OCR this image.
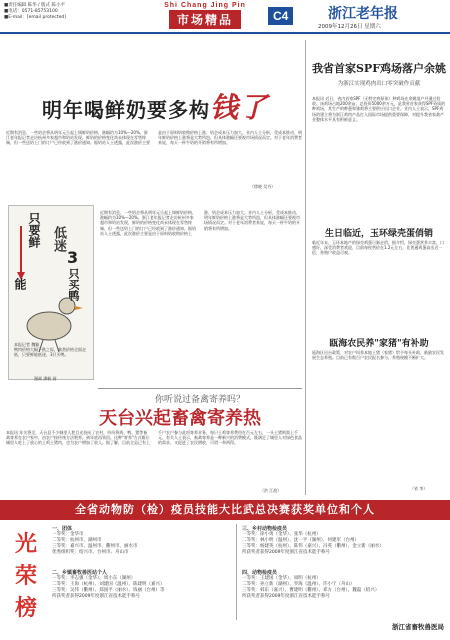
■责任编辑 陈华 / 版式 陈小平
■电话：0571-85753100
■E-mail：[email protected]
Shi Chang Jing Pin
市场精品	C4	浙江老年报
2009年12月26日 星期六
明年喝鲜奶要多构钱了
近期有消息，一些奶企将从明年元旦起上调鲜奶价格，涨幅约为10%—20%。浙江老年报记者走访杭州多家超市和奶站发现，鲜奶的价格变化尚未体现在零售终端，但一些送奶上门的订户已经收到了涨价通知。据奶站人士透露，此次涨价主要是由于原料奶收购价格上涨，奶企成本压力加大。业内人士分析，受成本推动，明年鲜奶价格上涨将是大势所趋，但具体涨幅还要视市场情况而定。对于老年消费者来说，每天一杯牛奶的开销将有所增加。
（徐晓 吴丹）
只要鲜
能
低迷
3
只买鸭
本报记者 魏颖
鸭肉价格大幅下跌之际，禽类价格全面走低，只要鲜能低迷，3只买鸭。
漫画 潘帆 画
近期有消息，一些奶企将从明年元旦起上调鲜奶价格，涨幅约为10%—20%。浙江老年报记者走访杭州多家超市和奶站发现，鲜奶的价格变化尚未体现在零售终端，但一些送奶上门的订户已经收到了涨价通知。据奶站人士透露，此次涨价主要是由于原料奶收购价格上涨，奶企成本压力加大。业内人士分析，受成本推动，明年鲜奶价格上涨将是大势所趋，但具体涨幅还要视市场情况而定。对于老年消费者来说，每天一杯牛奶的开销将有所增加。
我省首家SPF鸡场落户余姚
为浙江实现鸡肉出口零突破作贡献
本报讯 近日，省内首家SPF（无特定病原体）种鸡场在余姚落户并通过验收。该鸡场占地200余亩，总投资5000余万元，是我省首家获得SPF资质的种鸡场，其生产的种蛋和雏鸡将主要供应出口企业。业内人士表示，SPF鸡场的建立将为浙江鸡肉产品打入国际市场提供重要保障，对提升我省家禽产业整体水平具有积极意义。
生日临近，玉环绿壳蛋俏销
临近年末，玉环本地产的绿壳鸡蛋日渐走俏。据介绍，绿壳蛋营养丰富，口感好，深受消费者欢迎，目前每枚售价在1.2元左右，比普通鸡蛋高出近一倍，养殖户收益可观。
瓯海农民养"家猪"有补助
瓯海区出台政策，对农户饲养本地土猪（家猪）给予每头补助，鼓励农民发展生态养殖。目前已有数百户农民报名参与，养殖规模不断扩大。
（省 李）
你听说过备禽寄养吗？
天台兴起畜禽寄养热
本报讯 年关将至，天台县不少城里人把目光投向了农村，纷纷将鸡、鸭、猪等畜禽寄养在农户家中，由农户按传统方法喂养，到年底再领回。这种"寄养"方式既让城里人吃上了放心的土鸡土猪肉，也为农户增加了收入。据了解，目前全县已有上千户农户参与此项寄养业务，每只土鸡寄养费用在百元左右，一头土猪则需上千元。有关人士表示，畜禽寄养是一种新兴的消费模式，既满足了城里人对绿色食品的需求，又促进了农民增收，可谓一举两得。
（洪 江波）
全省动物防（检）疫员技能大比武总决赛获奖单位和个人
光
荣
榜
一、团体
一等奖：金华市
二等奖：杭州市、湖州市
三等奖：嘉兴市、温州市、衢州市、丽水市
优秀组织奖：绍兴市、台州市、舟山市
二、乡镇畜牧兽医站个人
一等奖：李志强（金华）、周小东（湖州）
二等奖：王海（杭州）、刘建国（温州）、陈建明（嘉兴）
三等奖：吴伟（衢州）、郑国平（丽水）、钱丽（台州）等
所获奖者获得2009年度浙江省技术能手称号
三、乡村动物检疫员
一等奖：徐小勇（金华）、张华（杭州）
二等奖：林小明（温州）、沈一平（湖州）、何建军（台州）
三等奖：杨建英（杭州）、陈伟（嘉兴）、冯英（衢州）、金立新（丽水）
所获奖者获得2009年度浙江省技术能手称号
四、动物检疫员
一等奖：王建国（金华）、项明（杭州）
二等奖：孙立新（湖州）、罗海（温州）、许小宁（舟山）
三等奖：韩东（嘉兴）、曹建明（衢州）、邓方（台州）、魏磊（绍兴）
所获奖者获得2009年度浙江省技术能手称号
浙江省畜牧兽医局
